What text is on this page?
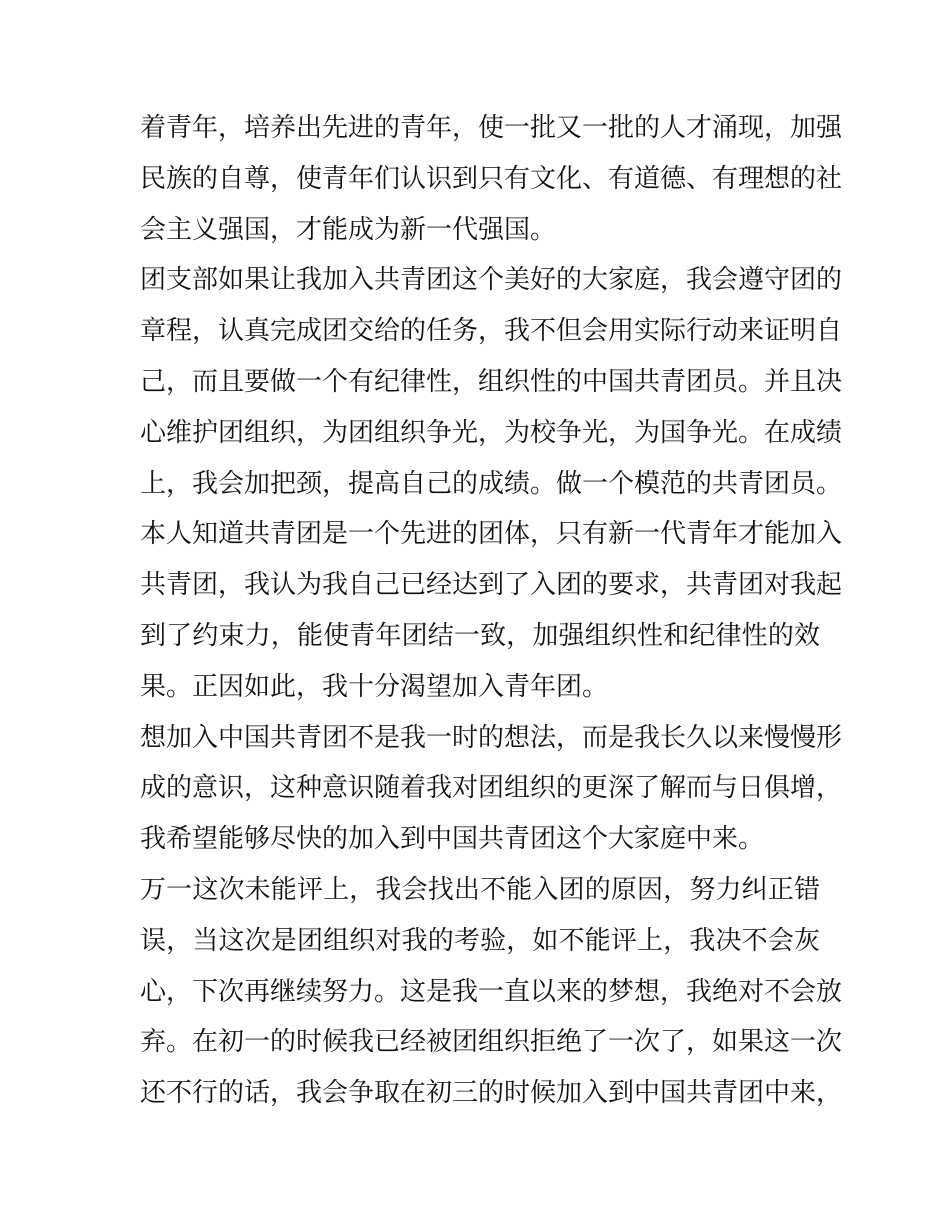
着青年，培养出先进的青年，使一批又一批的人才涌现，加强
民族的自尊，使青年们认识到只有文化、有道德、有理想的社
会主义强国，才能成为新一代强国。
团支部如果让我加入共青团这个美好的大家庭，我会遵守团的
章程，认真完成团交给的任务，我不但会用实际行动来证明自
己，而且要做一个有纪律性，组织性的中国共青团员。并且决
心维护团组织，为团组织争光，为校争光，为国争光。在成绩
上，我会加把颈，提高自己的成绩。做一个模范的共青团员。
本人知道共青团是一个先进的团体，只有新一代青年才能加入
共青团，我认为我自己已经达到了入团的要求，共青团对我起
到了约束力，能使青年团结一致，加强组织性和纪律性的效
果。正因如此，我十分渴望加入青年团。
想加入中国共青团不是我一时的想法，而是我长久以来慢慢形
成的意识，这种意识随着我对团组织的更深了解而与日俱增，
我希望能够尽快的加入到中国共青团这个大家庭中来。
万一这次未能评上，我会找出不能入团的原因，努力纠正错
误，当这次是团组织对我的考验，如不能评上，我决不会灰
心，下次再继续努力。这是我一直以来的梦想，我绝对不会放
弃。在初一的时候我已经被团组织拒绝了一次了，如果这一次
还不行的话，我会争取在初三的时候加入到中国共青团中来，
